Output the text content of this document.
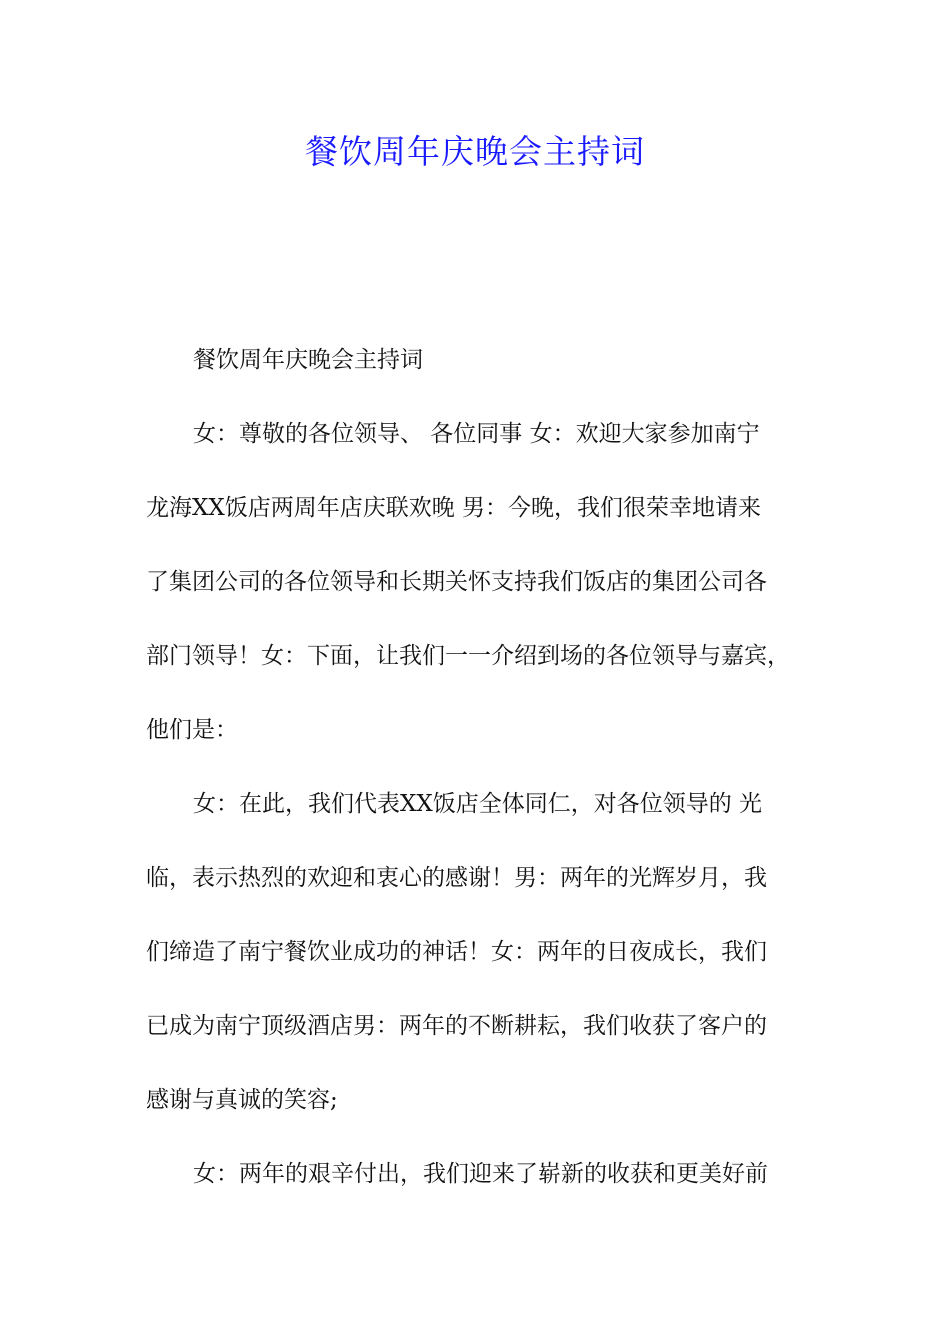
餐饮周年庆晚会主持词
餐饮周年庆晚会主持词
女：尊敬的各位领导、 各位同事 女：欢迎大家参加南宁
龙海XX饭店两周年店庆联欢晚 男：今晚，我们很荣幸地请来
了集团公司的各位领导和长期关怀支持我们饭店的集团公司各
部门领导！女：下面，让我们一一介绍到场的各位领导与嘉宾，
他们是：
女：在此，我们代表XX饭店全体同仁，对各位领导的 光
临，表示热烈的欢迎和衷心的感谢！男：两年的光辉岁月，我
们缔造了南宁餐饮业成功的神话！女：两年的日夜成长，我们
已成为南宁顶级酒店男：两年的不断耕耘，我们收获了客户的
感谢与真诚的笑容;
女：两年的艰辛付出，我们迎来了崭新的收获和更美好前
